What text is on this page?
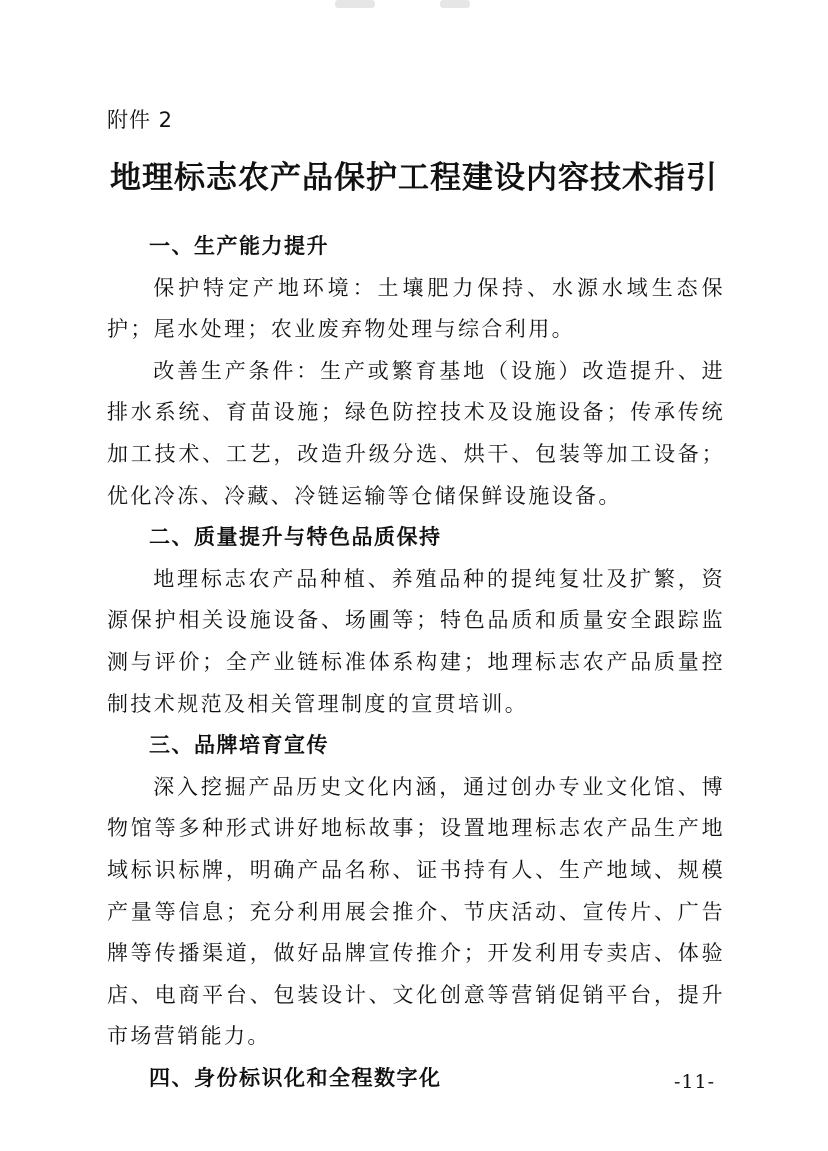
附件 2
地理标志农产品保护工程建设内容技术指引
一、生产能力提升

保护特定产地环境：土壤肥力保持、水源水域生态保护；尾水处理；农业废弃物处理与综合利用。

改善生产条件：生产或繁育基地（设施）改造提升、进排水系统、育苗设施；绿色防控技术及设施设备；传承传统加工技术、工艺，改造升级分选、烘干、包装等加工设备；优化冷冻、冷藏、冷链运输等仓储保鲜设施设备。

二、质量提升与特色品质保持

地理标志农产品种植、养殖品种的提纯复壮及扩繁，资源保护相关设施设备、场圃等；特色品质和质量安全跟踪监测与评价；全产业链标准体系构建；地理标志农产品质量控制技术规范及相关管理制度的宣贯培训。

三、品牌培育宣传

深入挖掘产品历史文化内涵，通过创办专业文化馆、博物馆等多种形式讲好地标故事；设置地理标志农产品生产地域标识标牌，明确产品名称、证书持有人、生产地域、规模产量等信息；充分利用展会推介、节庆活动、宣传片、广告牌等传播渠道，做好品牌宣传推介；开发利用专卖店、体验店、电商平台、包装设计、文化创意等营销促销平台，提升市场营销能力。

四、身份标识化和全程数字化	-11-
